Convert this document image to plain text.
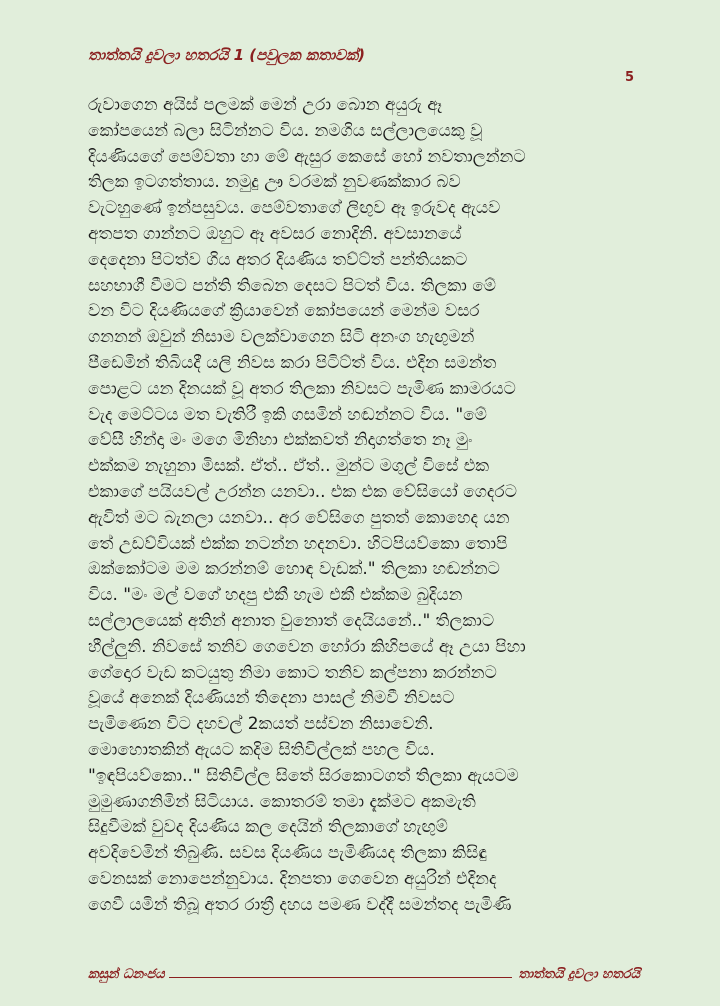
තාත්තයි දුවලා හතරයි 1 (පවුලක කතාවක්)
5
රුවාගෙන අයිස් පලමක් මෙන් උරා බොන අයුරු ඈ
කෝපයෙන් බලා සිටින්නට විය. නමගිය සල්ලාලයෙකු වූ
දියණියගේ පෙම්වතා හා මේ ඇසුර කෙසේ හෝ නවතාලන්නට
තිලක ඉටගත්තාය. නමුදු ඌ වරමක් නුවණක්කාර බව
වැටහුණේ ඉන්පසුවය. පෙම්වතාගේ ලිඟුව ඈ ඉරුවද ඇයව
අතපත ගාන්නට ඔහුට ඈ අවසර නොදිනි. අවසානයේ
දෙදෙනා පිටත්ව ගිය අතර දියණිය තව්ට්ත් පන්තියකට
සහභාගී වීමට පන්ති තිබෙන දෙසට පිටත් විය. තිලකා මේ
වන විට දියණියගේ ක්‍රියාවෙන් කෝපයෙන් මෙන්ම වසර
ගනනන් ඔවුන් නිසාම වලක්වාගෙන සිටි අනංග හැඟුමන්
පීඩෙමින් තිබියදී යලි නිවස කරා පිටිට්ත් විය. එදින සමන්ත
පොළට යන දිනයක් වූ අතර තිලකා නිවසට පැමිණ කාමරයට
වැද මෙට්ටය මත වැතිරී ඉකි ගසමින් හඬන්නට විය. "මේ
වේසී හින්දා මං මගෙ මිනිහා එක්කවත් නිදාගත්තෙ නෑ මුං
එක්කම නැහුනා මිසක්. ඒත්.. ඒත්.. මුන්ට මගුල් විසේ එක
එකාගේ පයියවල් උරන්න යනවා.. එක එක වේසියෝ ගෙදරට
ඇවිත් මට බැනලා යනවා.. අර වේසිගෙ පුතත් කොහෙද යන
තේ උඩව්වියක් එක්ක නටන්න හදනවා. හිටපියව්කො තොපි
ඔක්කෝටම මම කරන්නම් හොඳ වැඩක්." තිලකා හඬන්නට
විය. "මං මල් වගේ හදපු එකී හැම එකී එක්කම බුදියන
සල්ලාලයෙක් අතින් අනාත වුනොත් දෙයියනේ.." තිලකාට
හීල්ලුනි. නිවසේ තනිව ගෙවෙන හෝරා කිහිපයේ ඈ උයා පිහා
ගේදොර වැඩ කටයුතු නිමා කොට තනිව කල්පනා කරන්නට
වූයේ අනෙක් දියණියන් තිදෙනා පාසල් නිමවී නිවසට
පැමිණෙන විට දහවල් 2කයත් පස්වන නිසාවෙනි.
මොහොතකින් ඇයට කදිම සිතිවිල්ලක් පහල විය.
"ඉඳපියව්කො.." සිතිවිල්ල සිතේ සිරකොටගත් තිලකා ඇයටම
මුමුණාගනිමින් සිටියාය. කොතරම් තමා දැක්මට අකමැති
සිදුවීමක් වුවද දියණිය කල දෙයින් තිලකාගේ හැඟුම්
අවදිවෙමින් තිබුණි. සවස දියණිය පැමිණියද තිලකා කිසිඳු
වෙනසක් නොපෙන්නුවාය. දිනපතා ගෙවෙන අයුරින් එදිනද
ගෙවී යමින් තිබූ අතර රාත්‍රී දහය පමණ වද්දී සමන්තද පැමිණි
කසුන් ධනංජය	තාත්තයි දුවලා හතරයි
